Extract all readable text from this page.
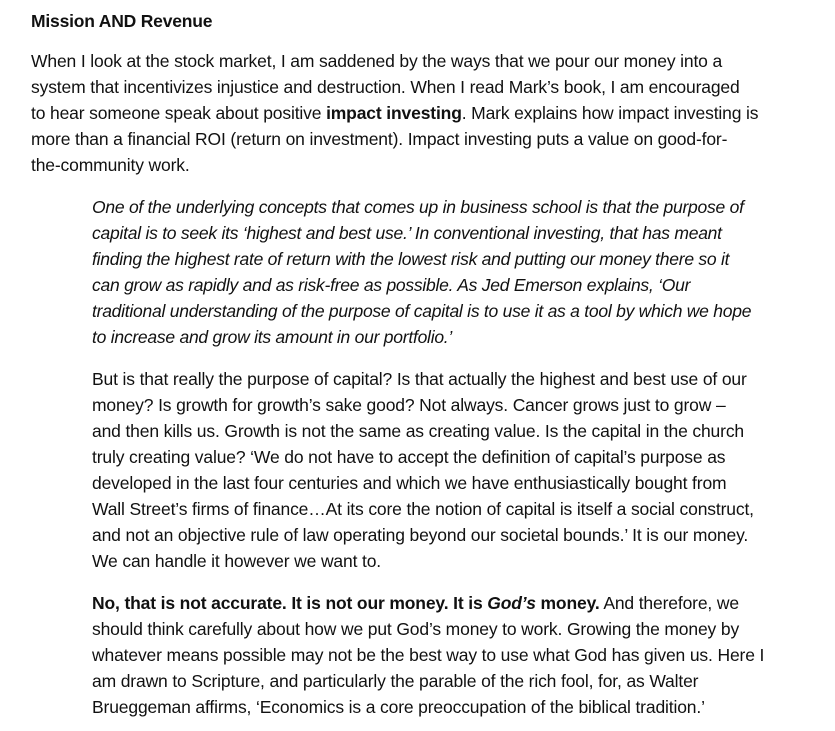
Mission AND Revenue

When I look at the stock market, I am saddened by the ways that we pour our money into a
system that incentivizes injustice and destruction. When I read Mark’s book, I am encouraged
to hear someone speak about positive impact investing. Mark explains how impact investing is
more than a financial ROI (return on investment). Impact investing puts a value on good-for-
the-community work.

One of the underlying concepts that comes up in business school is that the purpose of
capital is to seek its ‘highest and best use.’ In conventional investing, that has meant
finding the highest rate of return with the lowest risk and putting our money there so it
can grow as rapidly and as risk-free as possible. As Jed Emerson explains, ‘Our
traditional understanding of the purpose of capital is to use it as a tool by which we hope
to increase and grow its amount in our portfolio.’

But is that really the purpose of capital? Is that actually the highest and best use of our
money? Is growth for growth’s sake good? Not always. Cancer grows just to grow –
and then kills us. Growth is not the same as creating value. Is the capital in the church
truly creating value? ‘We do not have to accept the definition of capital’s purpose as
developed in the last four centuries and which we have enthusiastically bought from
Wall Street’s firms of finance…At its core the notion of capital is itself a social construct,
and not an objective rule of law operating beyond our societal bounds.’ It is our money.
We can handle it however we want to.

No, that is not accurate. It is not our money. It is God’s money. And therefore, we
should think carefully about how we put God’s money to work. Growing the money by
whatever means possible may not be the best way to use what God has given us. Here I
am drawn to Scripture, and particularly the parable of the rich fool, for, as Walter
Brueggeman affirms, ‘Economics is a core preoccupation of the biblical tradition.’
